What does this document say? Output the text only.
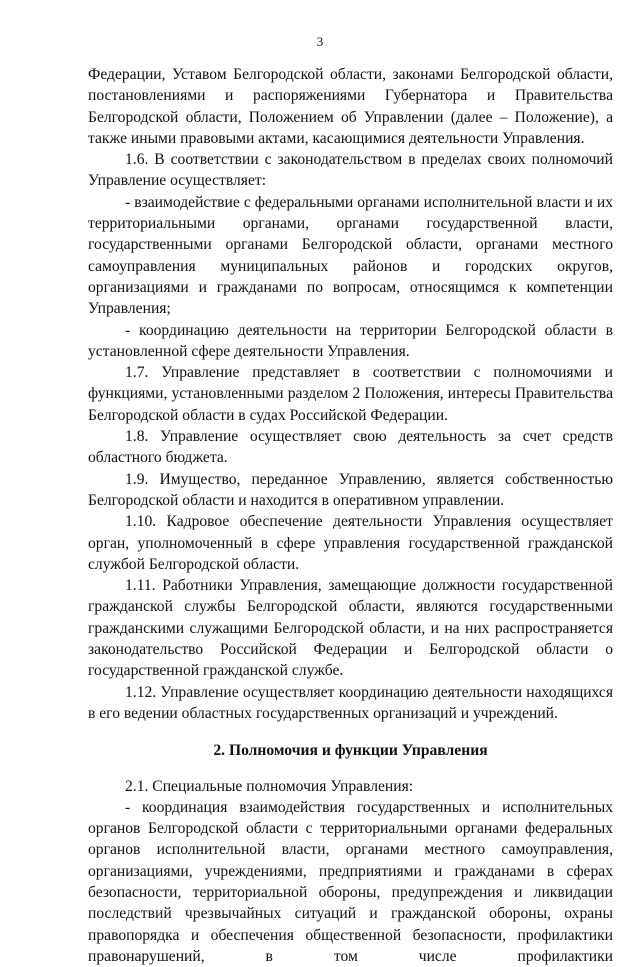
3

Федерации, Уставом Белгородской области, законами Белгородской области, постановлениями и распоряжениями Губернатора и Правительства Белгородской области, Положением об Управлении (далее – Положение), а также иными правовыми актами, касающимися деятельности Управления.

1.6. В соответствии с законодательством в пределах своих полномочий Управление осуществляет:

- взаимодействие с федеральными органами исполнительной власти и их территориальными органами, органами государственной власти, государственными органами Белгородской области, органами местного самоуправления муниципальных районов и городских округов, организациями и гражданами по вопросам, относящимся к компетенции Управления;

- координацию деятельности на территории Белгородской области в установленной сфере деятельности Управления.

1.7. Управление представляет в соответствии с полномочиями и функциями, установленными разделом 2 Положения, интересы Правительства Белгородской области в судах Российской Федерации.

1.8. Управление осуществляет свою деятельность за счет средств областного бюджета.

1.9. Имущество, переданное Управлению, является собственностью Белгородской области и находится в оперативном управлении.

1.10. Кадровое обеспечение деятельности Управления осуществляет орган, уполномоченный в сфере управления государственной гражданской службой Белгородской области.

1.11. Работники Управления, замещающие должности государственной гражданской службы Белгородской области, являются государственными гражданскими служащими Белгородской области, и на них распространяется законодательство Российской Федерации и Белгородской области о государственной гражданской службе.

1.12. Управление осуществляет координацию деятельности находящихся в его ведении областных государственных организаций и учреждений.

2. Полномочия и функции Управления

2.1. Специальные полномочия Управления:

- координация взаимодействия государственных и исполнительных органов Белгородской области с территориальными органами федеральных органов исполнительной власти, органами местного самоуправления, организациями, учреждениями, предприятиями и гражданами в сферах безопасности, территориальной обороны, предупреждения и ликвидации последствий чрезвычайных ситуаций и гражданской обороны, охраны правопорядка и обеспечения общественной безопасности, профилактики правонарушений, в том числе профилактики
